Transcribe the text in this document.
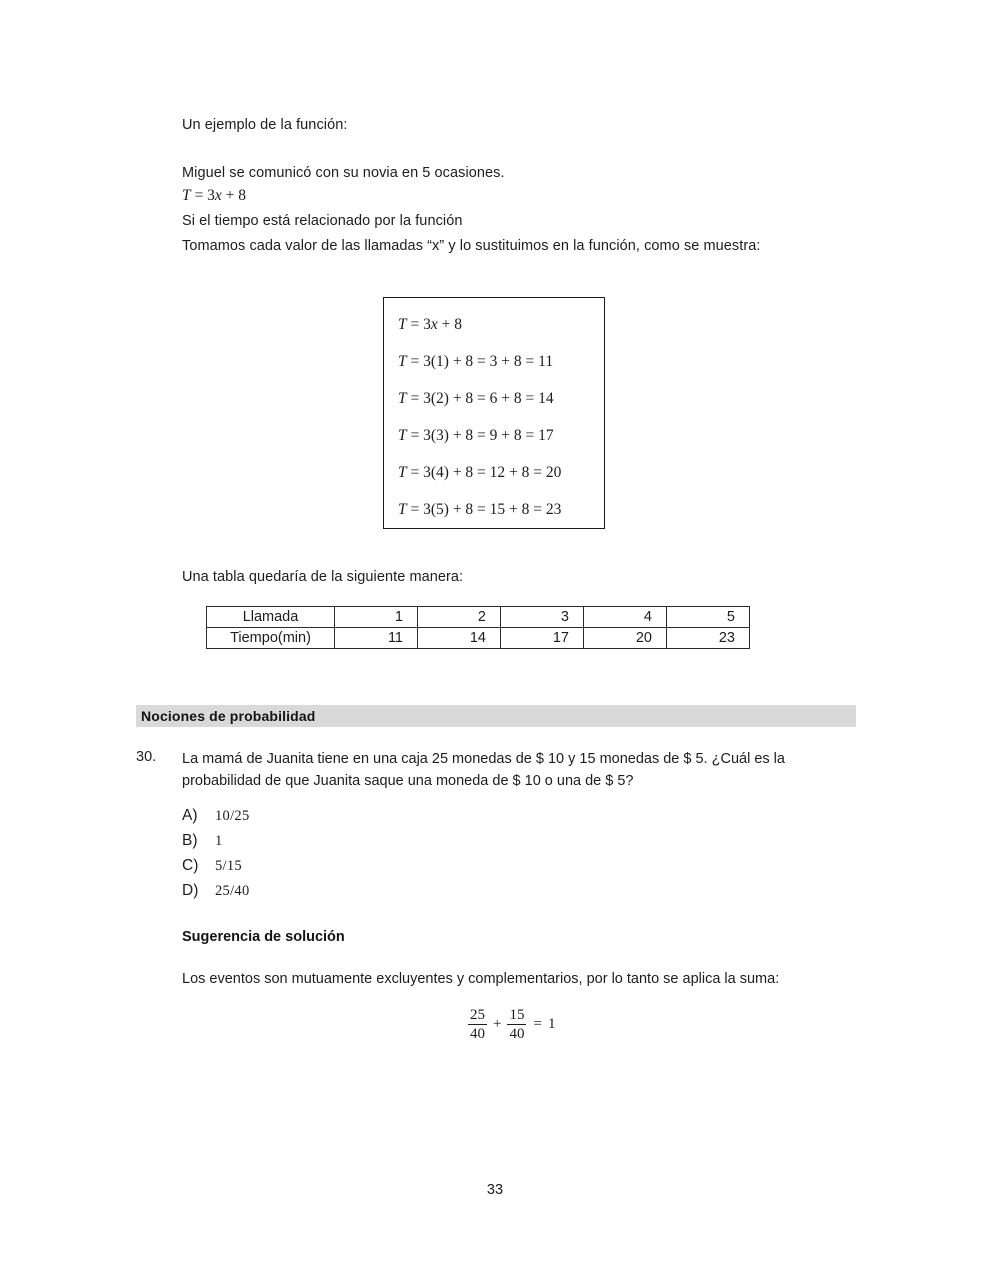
Un ejemplo de la función:
Miguel se comunicó con su novia en 5 ocasiones.
T = 3x + 8
Si el tiempo está relacionado por la función
Tomamos cada valor de las llamadas “x” y lo sustituimos en la función, como se muestra:
T = 3x + 8
T = 3(1) + 8 = 3 + 8 = 11
T = 3(2) + 8 = 6 + 8 = 14
T = 3(3) + 8 = 9 + 8 = 17
T = 3(4) + 8 = 12 + 8 = 20
T = 3(5) + 8 = 15 + 8 = 23
Una tabla quedaría de la siguiente manera:
Llamada	1	2	3	4	5
Tiempo(min)	11	14	17	20	23
Nociones de probabilidad
30. La mamá de Juanita tiene en una caja 25 monedas de $ 10 y 15 monedas de $ 5. ¿Cuál es la probabilidad de que Juanita saque una moneda de $ 10 o una de $ 5?
A)	10/25
B)	1
C)	5/15
D)	25/40
Sugerencia de solución
Los eventos son mutuamente excluyentes y complementarios, por lo tanto se aplica la suma:
$\frac{25}{40} + \frac{15}{40} = 1$
33
